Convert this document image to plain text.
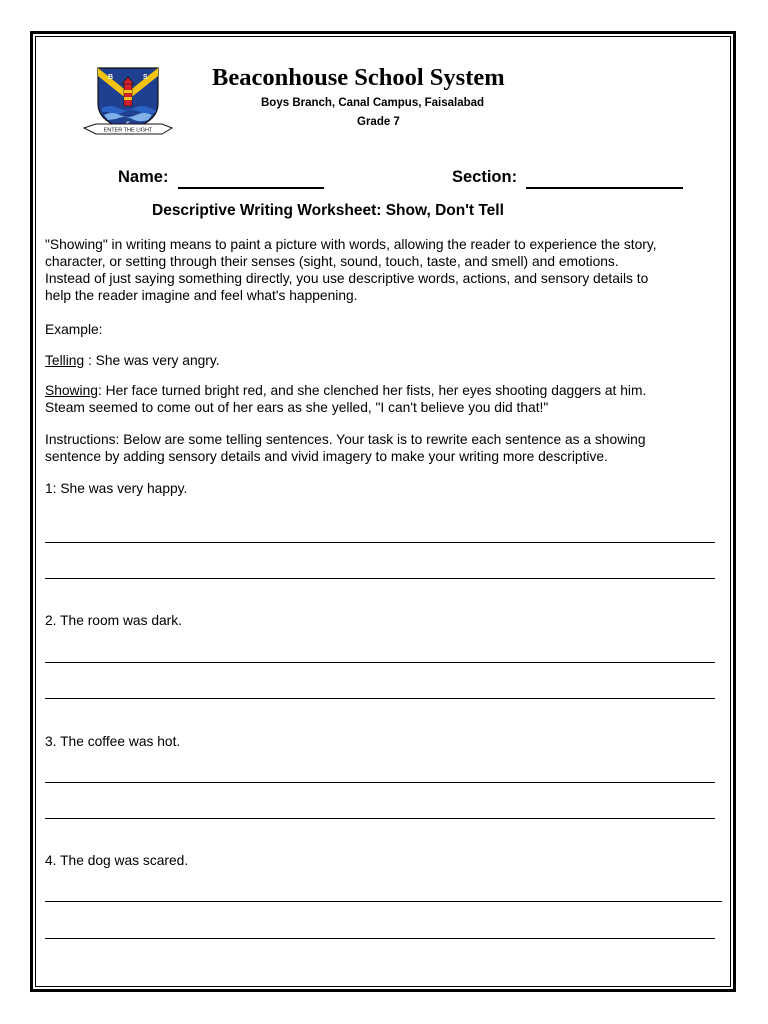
B	S
ENTER THE LIGHT
Beaconhouse School System
Boys Branch, Canal Campus, Faisalabad
Grade 7
Name:	Section:
Descriptive Writing Worksheet: Show, Don't Tell
"Showing" in writing means to paint a picture with words, allowing the reader to experience the story,
character, or setting through their senses (sight, sound, touch, taste, and smell) and emotions.
Instead of just saying something directly, you use descriptive words, actions, and sensory details to
help the reader imagine and feel what's happening.
Example:
Telling : She was very angry.
Showing: Her face turned bright red, and she clenched her fists, her eyes shooting daggers at him.
Steam seemed to come out of her ears as she yelled, "I can't believe you did that!"
Instructions: Below are some telling sentences. Your task is to rewrite each sentence as a showing
sentence by adding sensory details and vivid imagery to make your writing more descriptive.
1: She was very happy.
2. The room was dark.
3. The coffee was hot.
4. The dog was scared.
